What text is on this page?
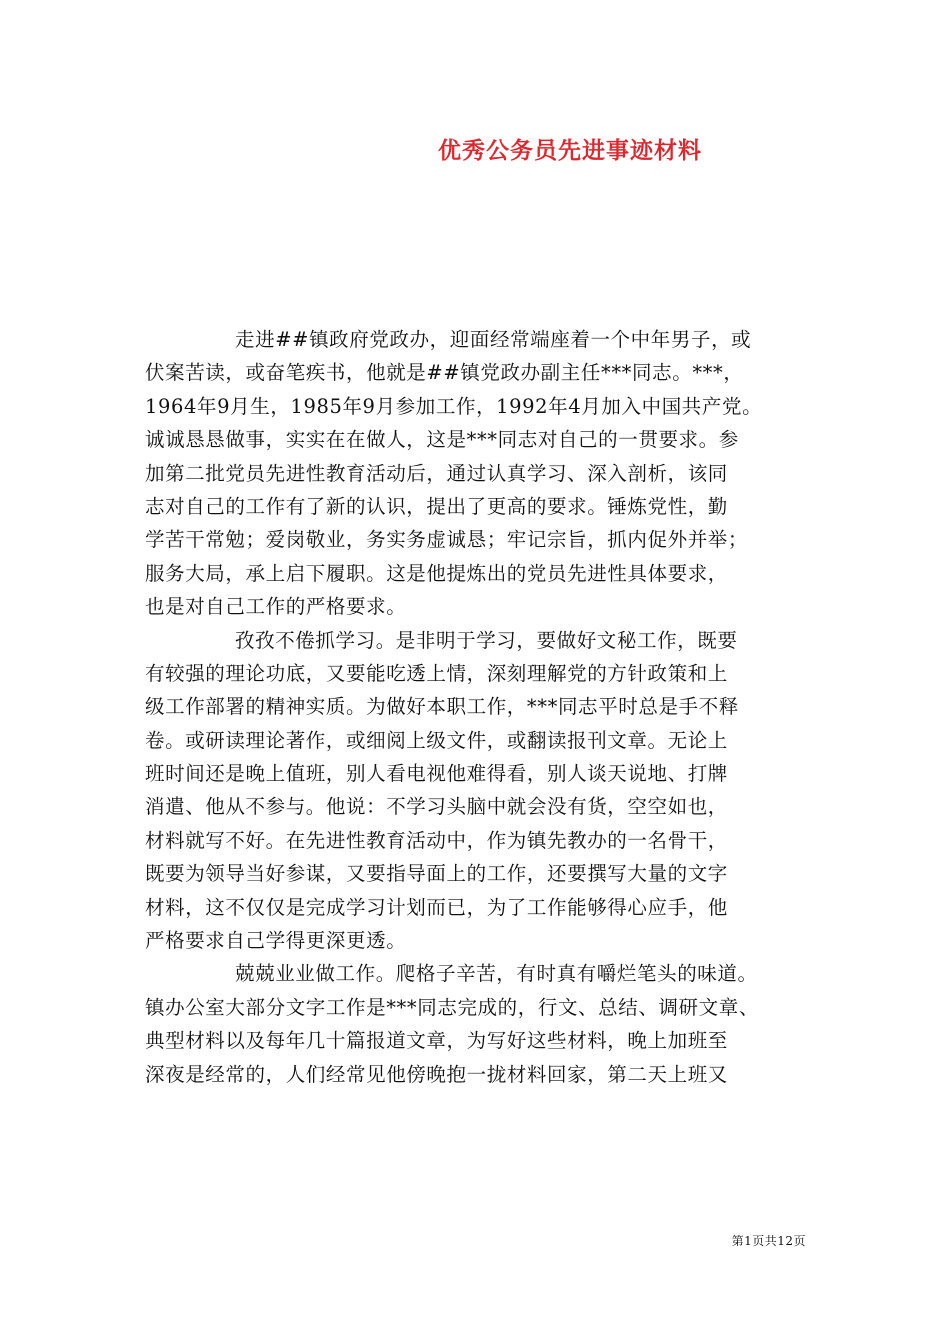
优秀公务员先进事迹材料
走进##镇政府党政办，迎面经常端座着一个中年男子，或
伏案苦读，或奋笔疾书，他就是##镇党政办副主任***同志。***，
1964年9月生，1985年9月参加工作，1992年4月加入中国共产党。
诚诚恳恳做事，实实在在做人，这是***同志对自己的一贯要求。参
加第二批党员先进性教育活动后，通过认真学习、深入剖析，该同
志对自己的工作有了新的认识，提出了更高的要求。锤炼党性，勤
学苦干常勉；爱岗敬业，务实务虚诚恳；牢记宗旨，抓内促外并举；
服务大局，承上启下履职。这是他提炼出的党员先进性具体要求，
也是对自己工作的严格要求。
孜孜不倦抓学习。是非明于学习，要做好文秘工作，既要
有较强的理论功底，又要能吃透上情，深刻理解党的方针政策和上
级工作部署的精神实质。为做好本职工作，***同志平时总是手不释
卷。或研读理论著作，或细阅上级文件，或翻读报刊文章。无论上
班时间还是晚上值班，别人看电视他难得看，别人谈天说地、打牌
消遣、他从不参与。他说：不学习头脑中就会没有货，空空如也，
材料就写不好。在先进性教育活动中，作为镇先教办的一名骨干，
既要为领导当好参谋，又要指导面上的工作，还要撰写大量的文字
材料，这不仅仅是完成学习计划而已，为了工作能够得心应手，他
严格要求自己学得更深更透。
兢兢业业做工作。爬格子辛苦，有时真有嚼烂笔头的味道。
镇办公室大部分文字工作是***同志完成的，行文、总结、调研文章、
典型材料以及每年几十篇报道文章，为写好这些材料，晚上加班至
深夜是经常的，人们经常见他傍晚抱一拢材料回家，第二天上班又
第1页共12页
